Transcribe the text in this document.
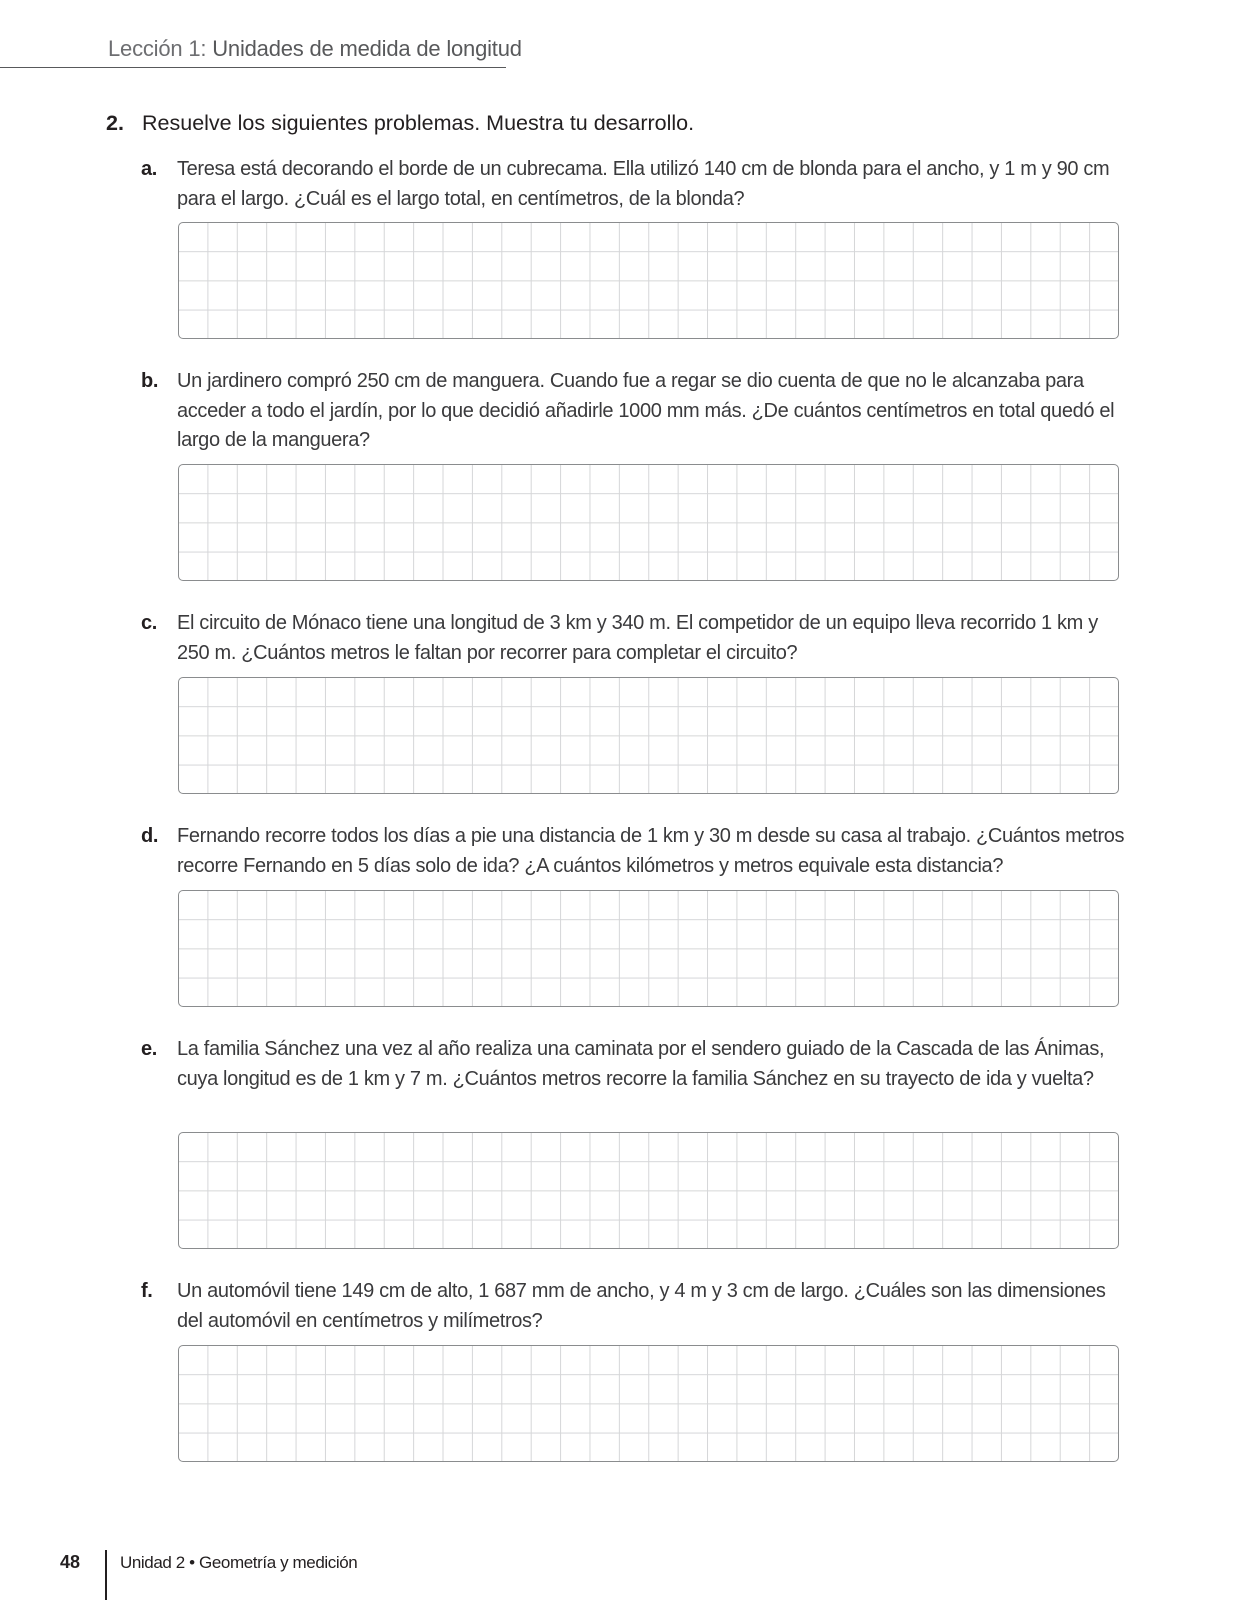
Lección 1: Unidades de medida de longitud
2. Resuelve los siguientes problemas. Muestra tu desarrollo.
a. Teresa está decorando el borde de un cubrecama. Ella utilizó 140 cm de blonda para el ancho, y 1 m y 90 cm para el largo. ¿Cuál es el largo total, en centímetros, de la blonda?
b. Un jardinero compró 250 cm de manguera. Cuando fue a regar se dio cuenta de que no le alcanzaba para acceder a todo el jardín, por lo que decidió añadirle 1000 mm más. ¿De cuántos centímetros en total quedó el largo de la manguera?
c. El circuito de Mónaco tiene una longitud de 3 km y 340 m. El competidor de un equipo lleva recorrido 1 km y 250 m. ¿Cuántos metros le faltan por recorrer para completar el circuito?
d. Fernando recorre todos los días a pie una distancia de 1 km y 30 m desde su casa al trabajo. ¿Cuántos metros recorre Fernando en 5 días solo de ida? ¿A cuántos kilómetros y metros equivale esta distancia?
e. La familia Sánchez una vez al año realiza una caminata por el sendero guiado de la Cascada de las Ánimas, cuya longitud es de 1 km y 7 m. ¿Cuántos metros recorre la familia Sánchez en su trayecto de ida y vuelta?
f. Un automóvil tiene 149 cm de alto, 1 687 mm de ancho, y 4 m y 3 cm de largo. ¿Cuáles son las dimensiones del automóvil en centímetros y milímetros?
48 Unidad 2 • Geometría y medición
